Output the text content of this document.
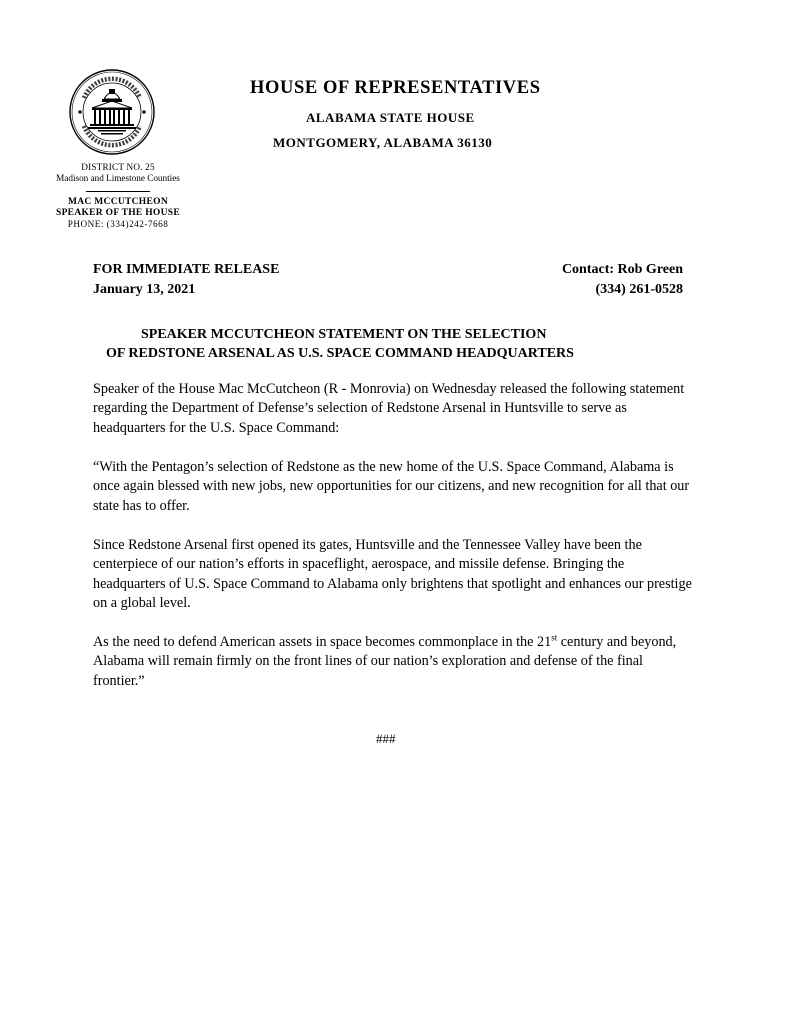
HOUSE OF REPRESENTATIVES
ALABAMA STATE HOUSE
MONTGOMERY, ALABAMA 36130
DISTRICT NO. 25
Madison and Limestone Counties
MAC MCCUTCHEON
SPEAKER OF THE HOUSE
PHONE: (334)242-7668
FOR IMMEDIATE RELEASE	Contact: Rob Green
January 13, 2021	(334) 261-0528
SPEAKER MCCUTCHEON STATEMENT ON THE SELECTION
OF REDSTONE ARSENAL AS U.S. SPACE COMMAND HEADQUARTERS

Speaker of the House Mac McCutcheon (R - Monrovia) on Wednesday released the following statement regarding the Department of Defense’s selection of Redstone Arsenal in Huntsville to serve as headquarters for the U.S. Space Command:

“With the Pentagon’s selection of Redstone as the new home of the U.S. Space Command, Alabama is once again blessed with new jobs, new opportunities for our citizens, and new recognition for all that our state has to offer.

Since Redstone Arsenal first opened its gates, Huntsville and the Tennessee Valley have been the centerpiece of our nation’s efforts in spaceflight, aerospace, and missile defense. Bringing the headquarters of U.S. Space Command to Alabama only brightens that spotlight and enhances our prestige on a global level.

As the need to defend American assets in space becomes commonplace in the 21st century and beyond, Alabama will remain firmly on the front lines of our nation’s exploration and defense of the final frontier.”

###
